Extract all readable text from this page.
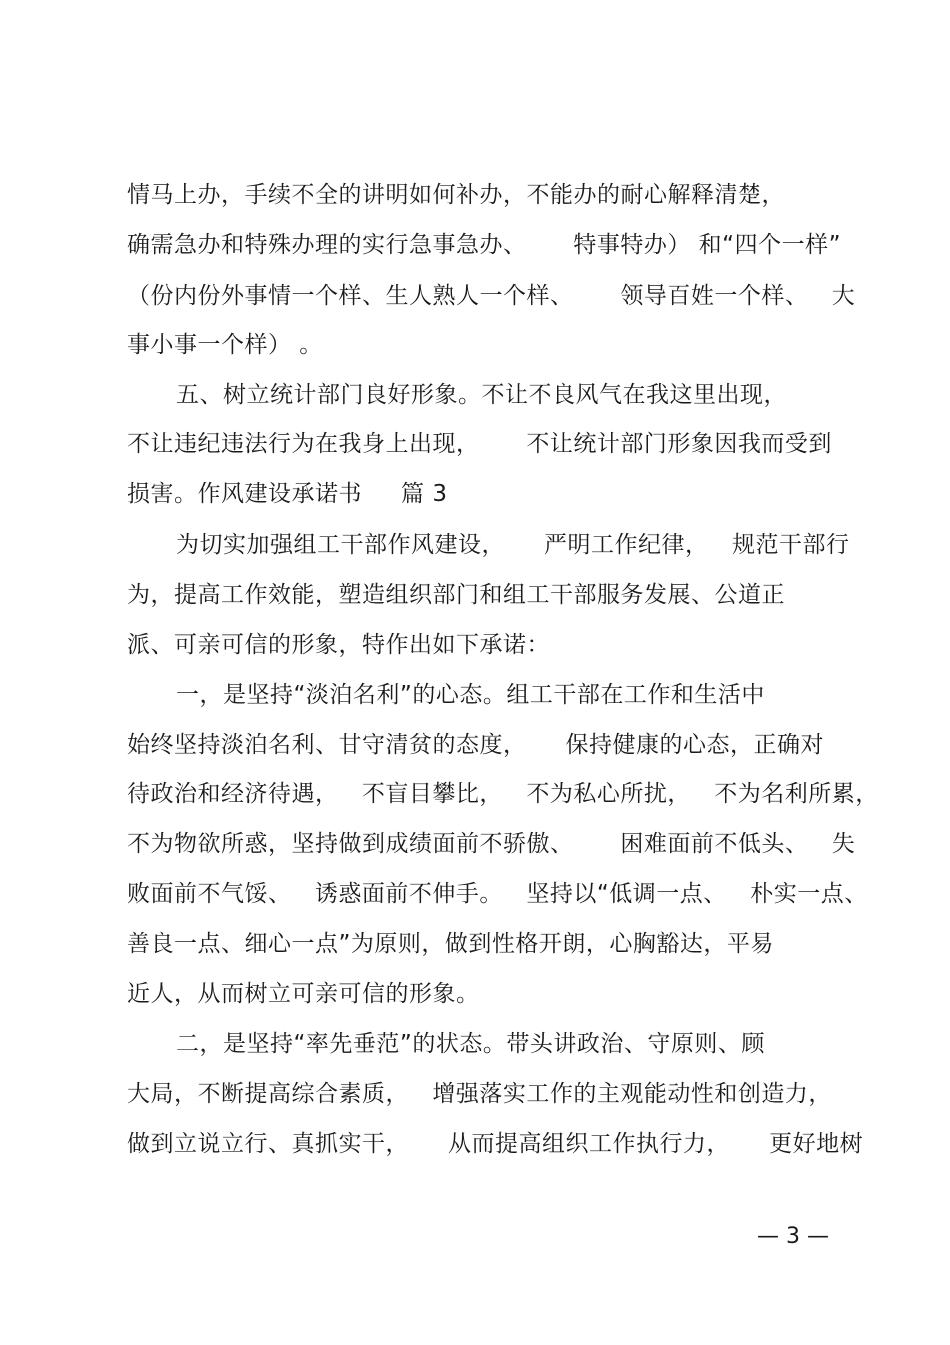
情马上办，手续不全的讲明如何补办，不能办的耐心解释清楚，
确需急办和特殊办理的实行急事急办、      特事特办） 和“四个一样”
（份内份外事情一个样、生人熟人一个样、      领导百姓一个样、   大
事小事一个样） 。
五、树立统计部门良好形象。不让不良风气在我这里出现，
不让违纪违法行为在我身上出现，      不让统计部门形象因我而受到
损害。作风建设承诺书     篇 3
为切实加强组工干部作风建设，     严明工作纪律，   规范干部行
为，提高工作效能，塑造组织部门和组工干部服务发展、公道正
派、可亲可信的形象，特作出如下承诺：
一，是坚持“淡泊名利”的心态。组工干部在工作和生活中
始终坚持淡泊名利、甘守清贫的态度，     保持健康的心态，正确对
待政治和经济待遇，   不盲目攀比，   不为私心所扰，   不为名利所累，
不为物欲所惑，坚持做到成绩面前不骄傲、      困难面前不低头、   失
败面前不气馁、   诱惑面前不伸手。   坚持以“低调一点、   朴实一点、
善良一点、细心一点”为原则，做到性格开朗，心胸豁达，平易
近人，从而树立可亲可信的形象。
二，是坚持“率先垂范”的状态。带头讲政治、守原则、顾
大局，不断提高综合素质，   增强落实工作的主观能动性和创造力，
做到立说立行、真抓实干，     从而提高组织工作执行力，     更好地树
— 3 —
